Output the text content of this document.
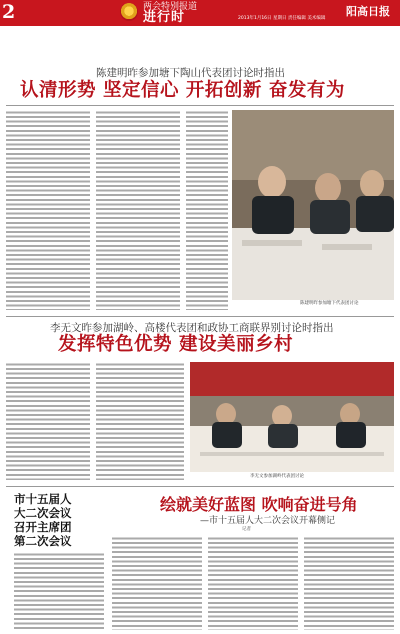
2	两会特别报道
进行时	2013年1月16日 星期日 责任编辑 美术编辑
阳高日报
陈建明昨参加塘下陶山代表团讨论时指出
认清形势 坚定信心 开拓创新 奋发有为
陈建明昨参加塘下代表团讨论
李无文昨参加湖岭、高楼代表团和政协工商联界别讨论时指出
发挥特色优势 建设美丽乡村
李无文参加湖岭代表团讨论
市十五届人大二次会议召开主席团第二次会议
绘就美好蓝图 吹响奋进号角
—市十五届人大二次会议开幕侧记
记者
